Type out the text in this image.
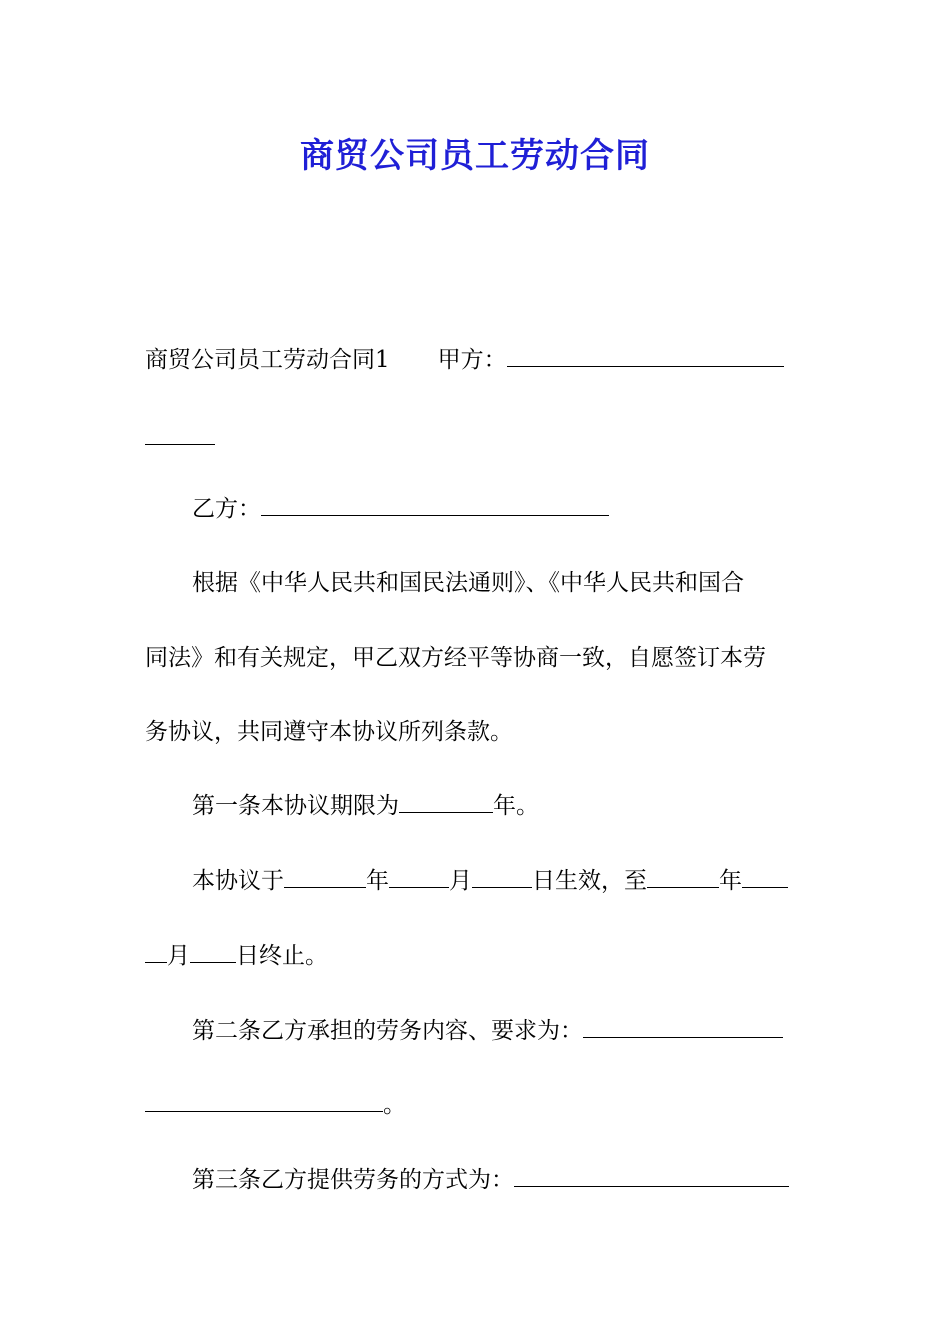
商贸公司员工劳动合同
商贸公司员工劳动合同1 甲方：
乙方：
根据《中华人民共和国民法通则》、《中华人民共和国合
同法》和有关规定，甲乙双方经平等协商一致，自愿签订本劳
务协议，共同遵守本协议所列条款。
第一条本协议期限为	年。
本协议于	年	月	日生效，至	年
月 日终止。
第二条乙方承担的劳务内容、要求为：
。
第三条乙方提供劳务的方式为：
